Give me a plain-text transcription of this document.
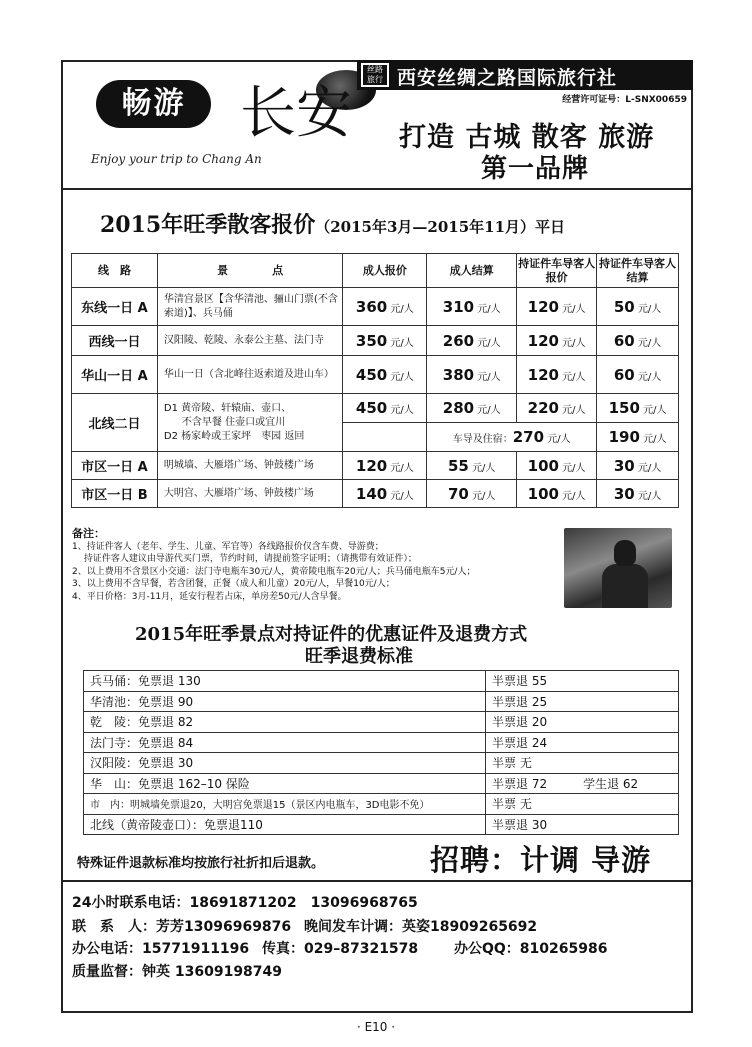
畅游 长安
Enjoy your trip to Chang An
丝路
旅行 西安丝绸之路国际旅行社
经营许可证号：L-SNX00659
打造 古城 散客 旅游
第一品牌
2015年旺季散客报价（2015年3月—2015年11月）平日
线　路	景　　　　点	成人报价	成人结算	持证件车导客人报价	持证件车导客人结算
东线一日 A	华清宫景区【含华清池、骊山门票(不含索道)】、兵马俑	360 元/人	310 元/人	120 元/人	50 元/人
西线一日	汉阳陵、乾陵、永泰公主墓、法门寺	350 元/人	260 元/人	120 元/人	60 元/人
华山一日 A	华山一日（含北峰往返索道及进山车）	450 元/人	380 元/人	120 元/人	60 元/人
北线二日	D1 黄帝陵、轩辕庙、壶口、
不含早餐 住壶口或宜川
D2 杨家岭或王家坪　枣园 返回	450 元/人	280 元/人	220 元/人	150 元/人
			车导及住宿：270 元/人		190 元/人
市区一日 A	明城墙、大雁塔广场、钟鼓楼广场	120 元/人	55 元/人	100 元/人	30 元/人
市区一日 B	大明宫、大雁塔广场、钟鼓楼广场	140 元/人	70 元/人	100 元/人	30 元/人
备注：
1、持证件客人（老年、学生、儿童、军官等）各线路报价仅含车费、导游费；
　 持证件客人建议由导游代买门票，节约时间，请提前签字证明；（请携带有效证件）；
2、以上费用不含景区小交通：法门寺电瓶车30元/人，黄帝陵电瓶车20元/人；兵马俑电瓶车5元/人；
3、以上费用不含早餐，若含团餐，正餐（成人和儿童）20元/人，早餐10元/人；
4、平日价格：3月-11月，延安行程若占床，单房差50元/人含早餐。
2015年旺季景点对持证件的优惠证件及退费方式
旺季退费标准
兵马俑：免票退 130	半票退 55
华清池：免票退 90	半票退 25
乾　陵：免票退 82	半票退 20
法门寺：免票退 84	半票退 24
汉阳陵：免票退 30	半票 无
华　山：免票退 162–10 保险	半票退 72　　　学生退 62
市　内：明城墙免票退20，大明宫免票退15（景区内电瓶车，3D电影不免）	半票 无
北线（黄帝陵壶口）：免票退110	半票退 30
特殊证件退款标准均按旅行社折扣后退款。	招聘：计调 导游
24小时联系电话：18691871202　13096968765
联　系　人：芳芳13096969876 晚间发车计调：英姿18909265692
办公电话：15771911196 传真：029–87321578	办公QQ：810265986
质量监督：钟英 13609198749
· E10 ·
